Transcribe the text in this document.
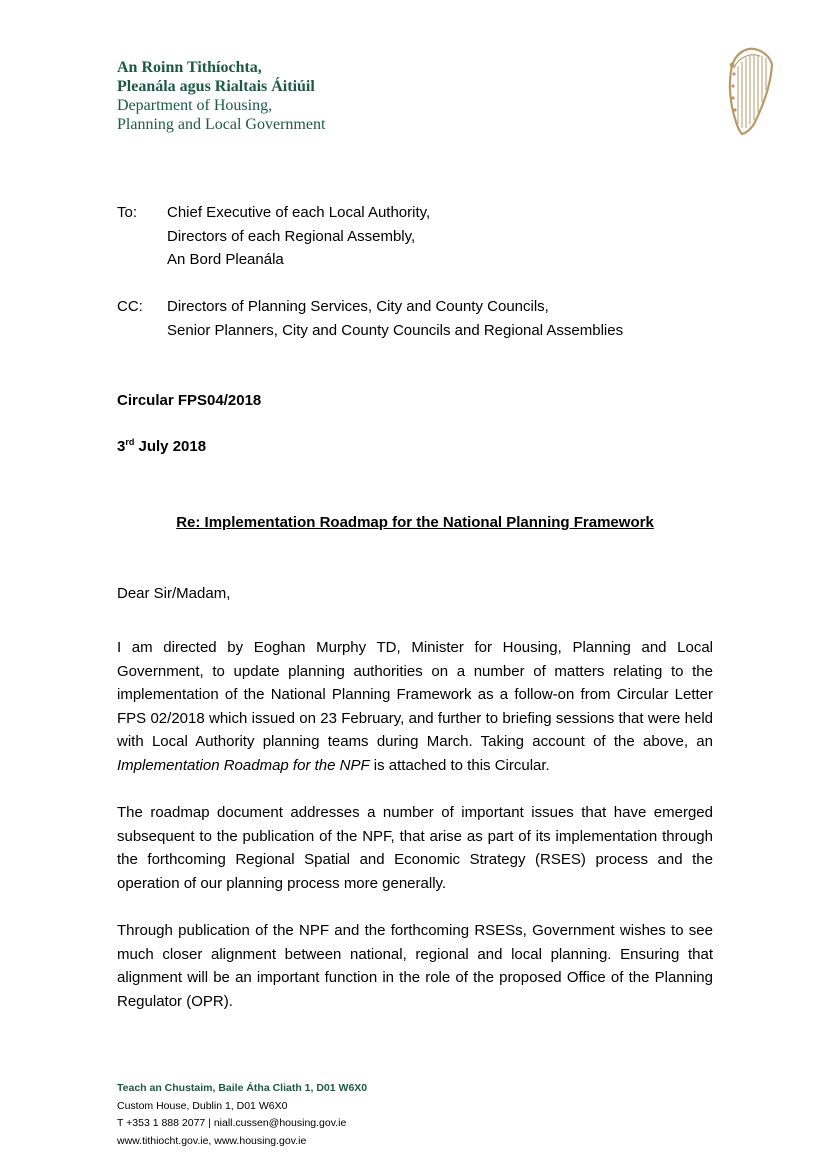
An Roinn Tithíochta,
Pleanála agus Rialtais Áitiúil
Department of Housing,
Planning and Local Government
To:	Chief Executive of each Local Authority,
Directors of each Regional Assembly,
An Bord Pleanála
CC:	Directors of Planning Services, City and County Councils,
Senior Planners, City and County Councils and Regional Assemblies
Circular FPS04/2018
3rd July 2018
Re: Implementation Roadmap for the National Planning Framework
Dear Sir/Madam,
I am directed by Eoghan Murphy TD, Minister for Housing, Planning and Local Government, to update planning authorities on a number of matters relating to the implementation of the National Planning Framework as a follow-on from Circular Letter FPS 02/2018 which issued on 23 February, and further to briefing sessions that were held with Local Authority planning teams during March. Taking account of the above, an Implementation Roadmap for the NPF is attached to this Circular.
The roadmap document addresses a number of important issues that have emerged subsequent to the publication of the NPF, that arise as part of its implementation through the forthcoming Regional Spatial and Economic Strategy (RSES) process and the operation of our planning process more generally.
Through publication of the NPF and the forthcoming RSESs, Government wishes to see much closer alignment between national, regional and local planning. Ensuring that alignment will be an important function in the role of the proposed Office of the Planning Regulator (OPR).
Teach an Chustaim, Baile Átha Cliath 1, D01 W6X0
Custom House, Dublin 1, D01 W6X0
T +353 1 888 2077 | niall.cussen@housing.gov.ie
www.tithiocht.gov.ie, www.housing.gov.ie
